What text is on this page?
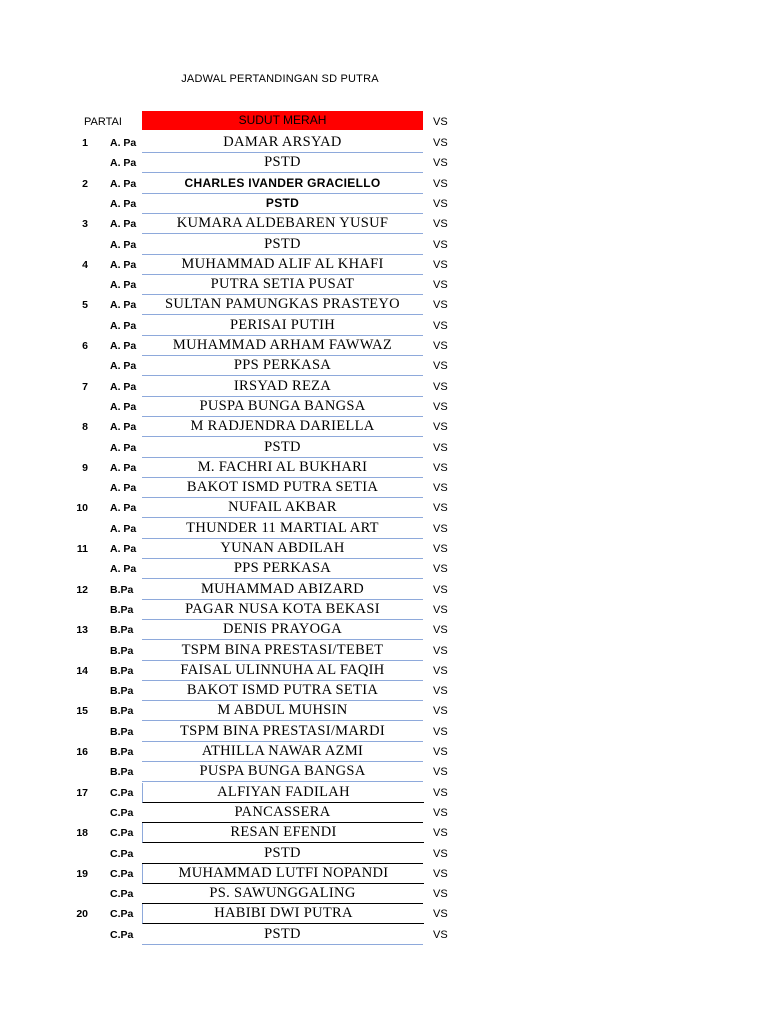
JADWAL PERTANDINGAN SD PUTRA
PARTAI	SUDUT MERAH	VS
1 A. Pa	DAMAR ARSYAD	VS
A. Pa	PSTD	VS
2 A. Pa	CHARLES IVANDER GRACIELLO	VS
A. Pa	PSTD	VS
3 A. Pa	KUMARA ALDEBAREN YUSUF	VS
A. Pa	PSTD	VS
4 A. Pa	MUHAMMAD ALIF AL KHAFI	VS
A. Pa	PUTRA SETIA PUSAT	VS
5 A. Pa	SULTAN PAMUNGKAS PRASTEYO	VS
A. Pa	PERISAI PUTIH	VS
6 A. Pa	MUHAMMAD ARHAM FAWWAZ	VS
A. Pa	PPS PERKASA	VS
7 A. Pa	IRSYAD REZA	VS
A. Pa	PUSPA BUNGA BANGSA	VS
8 A. Pa	M RADJENDRA DARIELLA	VS
A. Pa	PSTD	VS
9 A. Pa	M. FACHRI AL BUKHARI	VS
A. Pa	BAKOT ISMD PUTRA SETIA	VS
10 A. Pa	NUFAIL AKBAR	VS
A. Pa	THUNDER 11 MARTIAL ART	VS
11 A. Pa	YUNAN ABDILAH	VS
A. Pa	PPS PERKASA	VS
12 B.Pa	MUHAMMAD ABIZARD	VS
B.Pa	PAGAR NUSA KOTA BEKASI	VS
13 B.Pa	DENIS PRAYOGA	VS
B.Pa	TSPM BINA PRESTASI/TEBET	VS
14 B.Pa	FAISAL ULINNUHA AL FAQIH	VS
B.Pa	BAKOT ISMD PUTRA SETIA	VS
15 B.Pa	M ABDUL MUHSIN	VS
B.Pa	TSPM BINA PRESTASI/MARDI	VS
16 B.Pa	ATHILLA NAWAR AZMI	VS
B.Pa	PUSPA BUNGA BANGSA	VS
17 C.Pa	ALFIYAN FADILAH	VS
C.Pa	PANCASSERA	VS
18 C.Pa	RESAN EFENDI	VS
C.Pa	PSTD	VS
19 C.Pa	MUHAMMAD LUTFI NOPANDI	VS
C.Pa	PS. SAWUNGGALING	VS
20 C.Pa	HABIBI DWI PUTRA	VS
C.Pa	PSTD	VS
